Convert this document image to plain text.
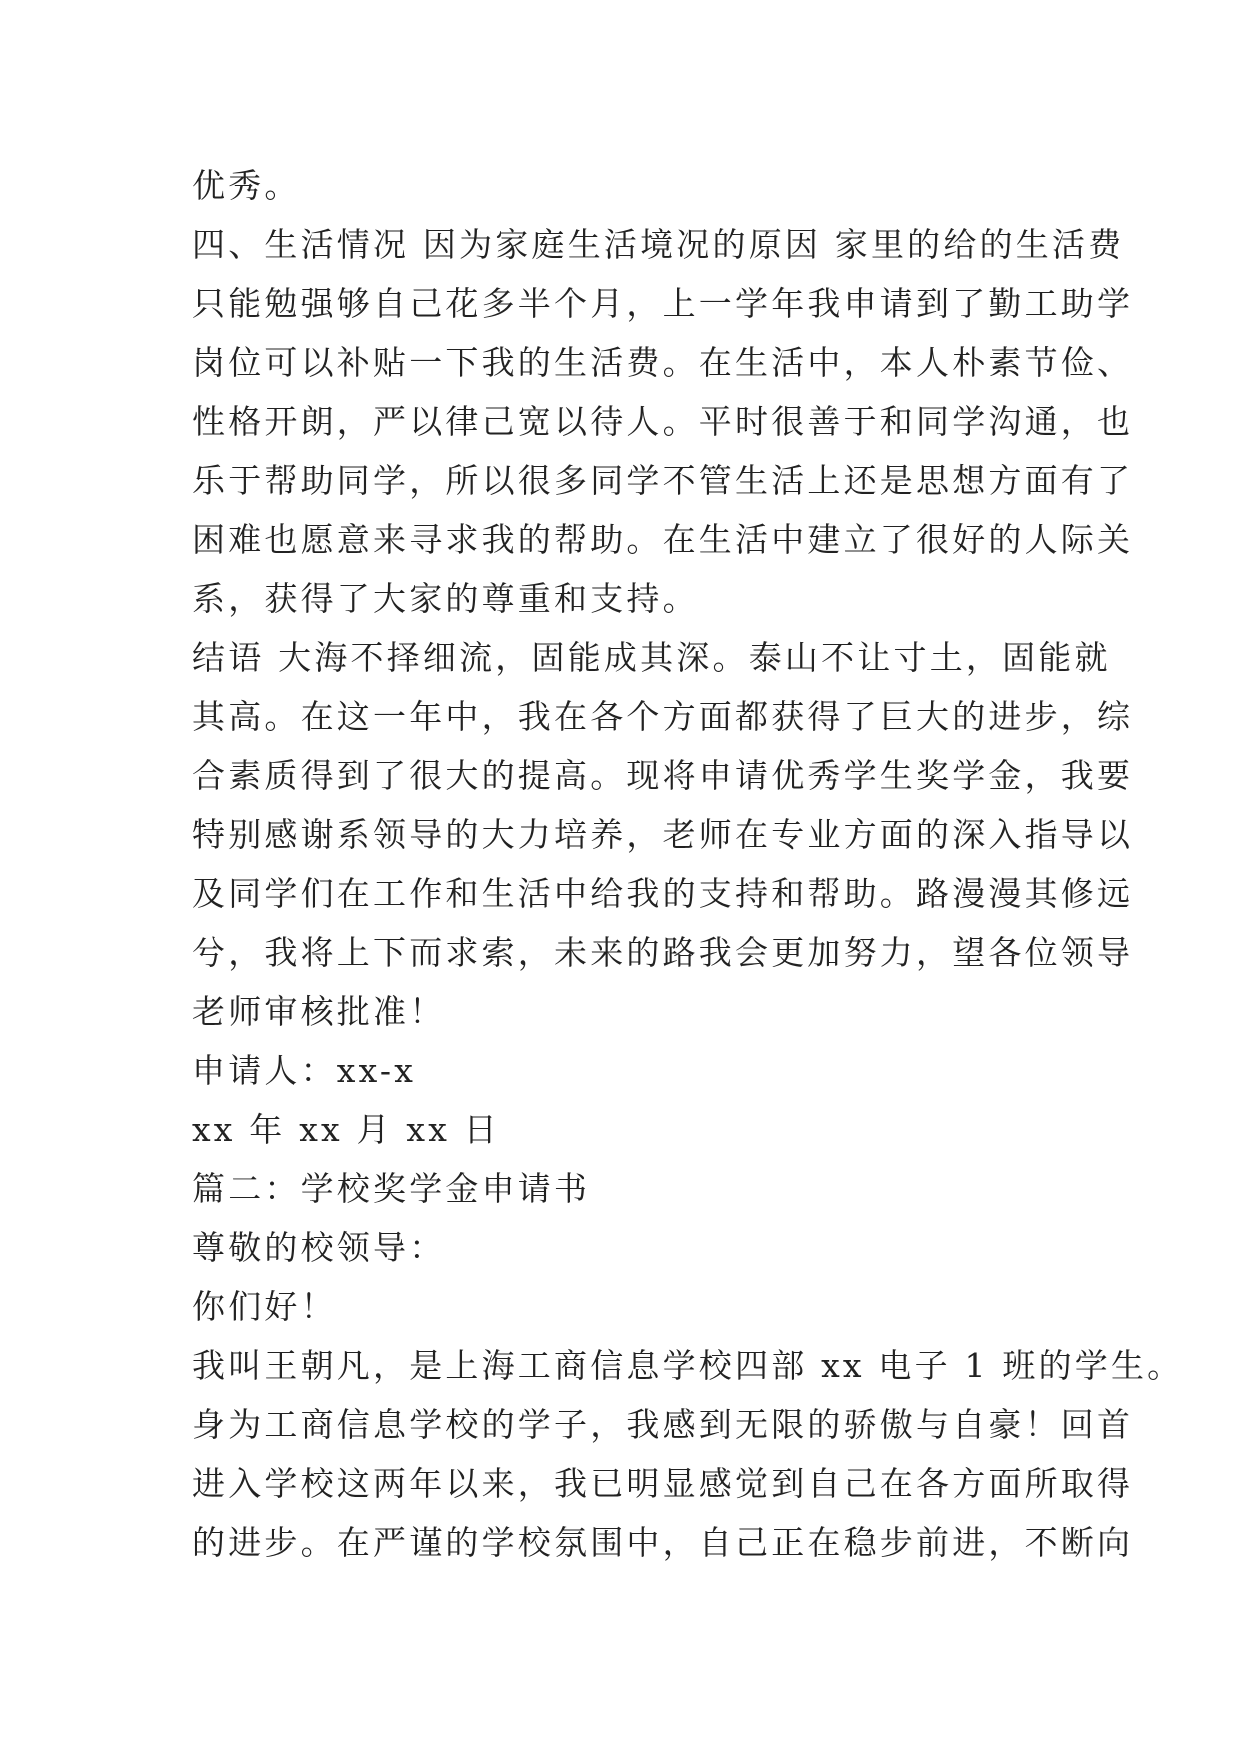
优秀。
四、生活情况 因为家庭生活境况的原因 家里的给的生活费
只能勉强够自己花多半个月，上一学年我申请到了勤工助学
岗位可以补贴一下我的生活费。在生活中，本人朴素节俭、
性格开朗，严以律己宽以待人。平时很善于和同学沟通，也
乐于帮助同学，所以很多同学不管生活上还是思想方面有了
困难也愿意来寻求我的帮助。在生活中建立了很好的人际关
系，获得了大家的尊重和支持。
结语 大海不择细流，固能成其深。泰山不让寸土，固能就
其高。在这一年中，我在各个方面都获得了巨大的进步，综
合素质得到了很大的提高。现将申请优秀学生奖学金，我要
特别感谢系领导的大力培养，老师在专业方面的深入指导以
及同学们在工作和生活中给我的支持和帮助。路漫漫其修远
兮，我将上下而求索，未来的路我会更加努力，望各位领导
老师审核批准！
申请人：xx-x
xx 年 xx 月 xx 日
篇二：学校奖学金申请书
尊敬的校领导：
你们好！
我叫王朝凡，是上海工商信息学校四部 xx 电子 1 班的学生。
身为工商信息学校的学子，我感到无限的骄傲与自豪！回首
进入学校这两年以来，我已明显感觉到自己在各方面所取得
的进步。在严谨的学校氛围中，自己正在稳步前进，不断向
